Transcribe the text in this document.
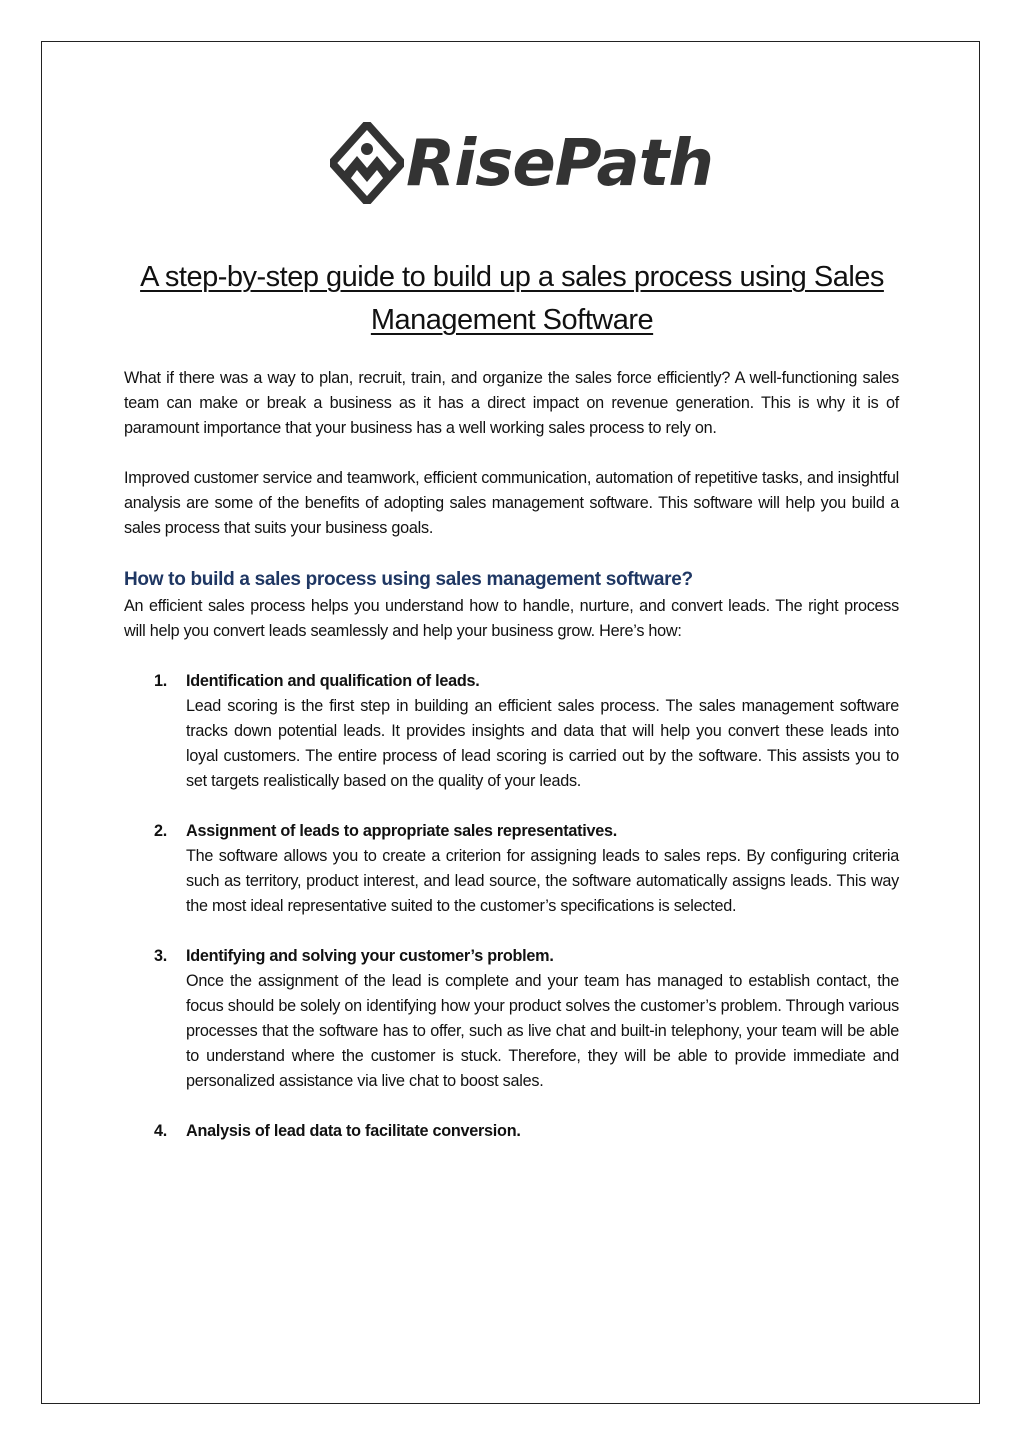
RisePath
A step-by-step guide to build up a sales process using Sales Management Software

What if there was a way to plan, recruit, train, and organize the sales force efficiently? A well-functioning sales team can make or break a business as it has a direct impact on revenue generation. This is why it is of paramount importance that your business has a well working sales process to rely on.

Improved customer service and teamwork, efficient communication, automation of repetitive tasks, and insightful analysis are some of the benefits of adopting sales management software. This software will help you build a sales process that suits your business goals.

How to build a sales process using sales management software?

An efficient sales process helps you understand how to handle, nurture, and convert leads. The right process will help you convert leads seamlessly and help your business grow. Here’s how:

1. Identification and qualification of leads.

Lead scoring is the first step in building an efficient sales process. The sales management software tracks down potential leads. It provides insights and data that will help you convert these leads into loyal customers. The entire process of lead scoring is carried out by the software. This assists you to set targets realistically based on the quality of your leads.

2. Assignment of leads to appropriate sales representatives.

The software allows you to create a criterion for assigning leads to sales reps. By configuring criteria such as territory, product interest, and lead source, the software automatically assigns leads. This way the most ideal representative suited to the customer’s specifications is selected.

3. Identifying and solving your customer’s problem.

Once the assignment of the lead is complete and your team has managed to establish contact, the focus should be solely on identifying how your product solves the customer’s problem. Through various processes that the software has to offer, such as live chat and built-in telephony, your team will be able to understand where the customer is stuck. Therefore, they will be able to provide immediate and personalized assistance via live chat to boost sales.

4. Analysis of lead data to facilitate conversion.
